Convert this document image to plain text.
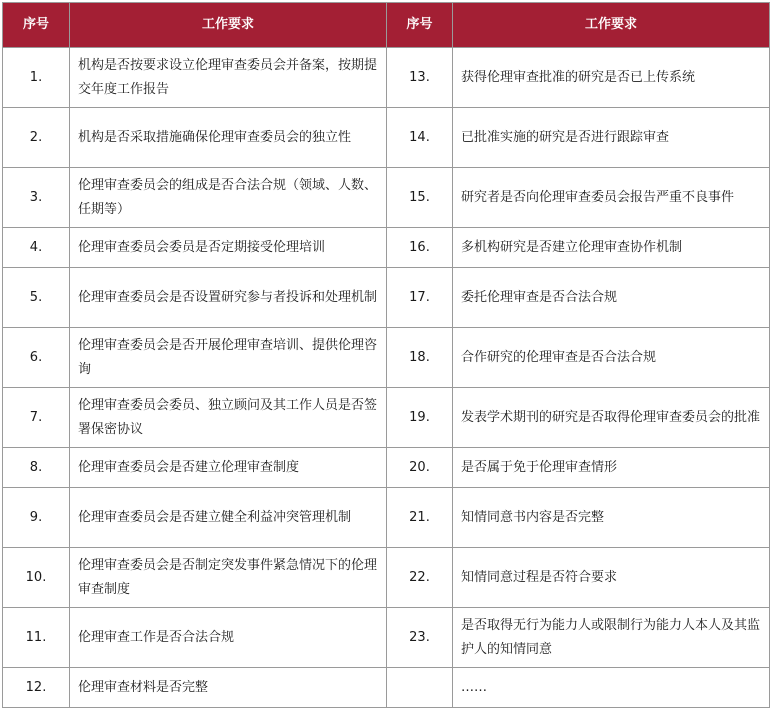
序号	工作要求	序号	工作要求
1.	机构是否按要求设立伦理审查委员会并备案，按期提交年度工作报告	13.	获得伦理审查批准的研究是否已上传系统
2.	机构是否采取措施确保伦理审查委员会的独立性	14.	已批准实施的研究是否进行跟踪审查
3.	伦理审查委员会的组成是否合法合规（领域、人数、任期等）	15.	研究者是否向伦理审查委员会报告严重不良事件
4.	伦理审查委员会委员是否定期接受伦理培训	16.	多机构研究是否建立伦理审查协作机制
5.	伦理审查委员会是否设置研究参与者投诉和处理机制	17.	委托伦理审查是否合法合规
6.	伦理审查委员会是否开展伦理审查培训、提供伦理咨询	18.	合作研究的伦理审查是否合法合规
7.	伦理审查委员会委员、独立顾问及其工作人员是否签署保密协议	19.	发表学术期刊的研究是否取得伦理审查委员会的批准
8.	伦理审查委员会是否建立伦理审查制度	20.	是否属于免于伦理审查情形
9.	伦理审查委员会是否建立健全利益冲突管理机制	21.	知情同意书内容是否完整
10.	伦理审查委员会是否制定突发事件紧急情况下的伦理审查制度	22.	知情同意过程是否符合要求
11.	伦理审查工作是否合法合规	23.	是否取得无行为能力人或限制行为能力人本人及其监护人的知情同意
12.	伦理审查材料是否完整		……
